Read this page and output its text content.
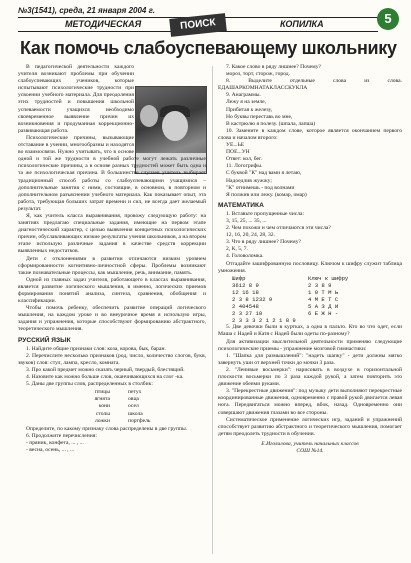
№3(1541), среда, 21 января 2004 г.
МЕТОДИЧЕСКАЯ	ПОИСК	КОПИЛКА	5
Как помочь слабоуспевающему школьнику

В педагогической деятельности каждого учителя возникают проблемы при обучении слабоуспевающих учеников, которые испытывают психологические трудности при усвоении учебного материала. Для преодоления этих трудностей и повышения школьной успеваемости учащихся необходимо своевременное выявление причин их возникновения и продуманная коррекционно-развивающая работа.

Психологические причины, вызывающие отставание в учении, многообразны и находятся во взаимосвязи. Нужно учитывать, что в основе одной и той же трудности в учебной работе могут лежать различные психологические причины, а в основе разных трудностей может быть одна и та же психологическая причина. В большинстве случаев учитель выбирает традиционный способ работы со слабоуспевающими учащимися – дополнительные занятия с ними, состоящие, в основном, в повторном и дополнительном разъяснении учебного материала. Как показывает опыт, эта работа, требующая больших затрат времени и сил, не всегда дает желаемый результат.

Я, как учитель класса выравнивания, провожу следующую работу: на занятиях предлагаю специальные задания, имеющие на первом этапе диагностический характер, с целью выявления конкретных психологических причин, обуславливающих низкие результаты учения школьников, а на втором этапе использую различные задания в качестве средств коррекции выявленных недостатков.

Дети с отклонениями в развитии отличаются низким уровнем сформированности когнитивно-личностной сферы. Проблемы возникают такие познавательные процессы, как мышление, речь, внимание, память.

Одной из главных задач учителя, работающего в классах выравнивания, является развитие логического мышления, в именно, логических приемов формирования понятий анализа, синтеза, сравнения, обобщения и классификации.

Чтобы помочь ребенку, обеспечить развитие операций логического мышления, на каждом уроке и во внеурочное время я использую игры, задания и упражнения, которые способствуют формированию абстрактного, теоретического мышления.

РУССКИЙ ЯЗЫК

1. Найдите общие признаки слов: коза, корова, бык, баран.

2. Перечислите несколько признаков (род, число, количество слогов, букв, звуков) слов: стул, лампа, кресло, комната.

3. Про какой предмет можно сказать черный, твердый, блестящий.

4. Назовите как можно больше слов, оканчивающихся на слог -ка.

5. Даны две группы слов, распределенных в столбик:

птицы	петух
ягнята	овца
кони	осел
столы	школа
ложки	портфель

Определите, по какому признаку слова распределены в две группы.

6. Продолжите перечисления:

- пряник, конфета, ... , ...

- весна, осень, ... , ...

7. Какое слово в ряду лишнее? Почему?

мороз, торт, сторож, город.

8. Выделите отдельные слова из слова. ЕДАШАРКОМНАТАКЛАССКУКЛА

9. Анаграммы.

Лежу я на земле,

Прибитая к железу,

Но буквы переставь во мне,

В кастрюлю я полезу. (шпала, лапша)

10. Замените в каждом слове, которое является окончанием первого слова и началом второго:

УЕ...ЬЕ

ПОЕ...УН

Ответ: кол, бег.

11. Логогрифы.

С буквой "К" над вами я летаю,

Надоедлив жужжу;

"К" отнимешь - под волнами

Я полжив или лежу. (комар, омар)

МАТЕМАТИКА

1. Вставьте пропущенные числа:

3, 15, 25, ... 35, ...

2. Чем похожи и чем отличаются эти числа?

12, 16, 20, 24, 28, 32.

3. Что в ряду лишнее? Почему?

2, К, 5, 7.

4. Головоломка.

Отгадайте зашифрованную пословицу. Ключом к шифру служит таблица умножения.

Шифр	Ключ к шифру
3612 8 9	2 3 8 9
12 16 18	1 0 Т М Ь
2 3 8 1232 9	4 М Е Т С
2 404548	5 А З Д И
2 3 27 10	6 Е Ж Н -
2 3 3 3 2 1 2 1 8 9

5. Две девочки были в куртках, а одна в пальто. Кто во что одет, если Маша с Надей и Катя с Надей были одеты по-разному?

Для активизации мыслительной деятельности применяю следующие психологические приемы - упражнение мозговой гимнастики:

1. "Шапка для размышлений": "надеть шапку" - дети должны мягко завернуть уши от верхней точки до мочки 3 раза.

2. "Ленивые восьмерки": нарисовать в воздухе в горизонтальной плоскости восьмерки по 3 раза каждой рукой, а затем повторить это движение обеими руками.

3. "Перекрестные движения": под музыку дети выполняют перекрестные координированные движения, одновременно с правой рукой двигается левая нога. Передвигаться можно вперед, вбок, назад. Одновременно они совершают движения глазами во все стороны.

Систематическое применение логических игр, заданий и упражнений способствует развитию абстрактного и теоретического мышления, помогает детям преодолеть трудности в обучении.

Е.Иголилова, учитель начальных классов
СОШ №14.
